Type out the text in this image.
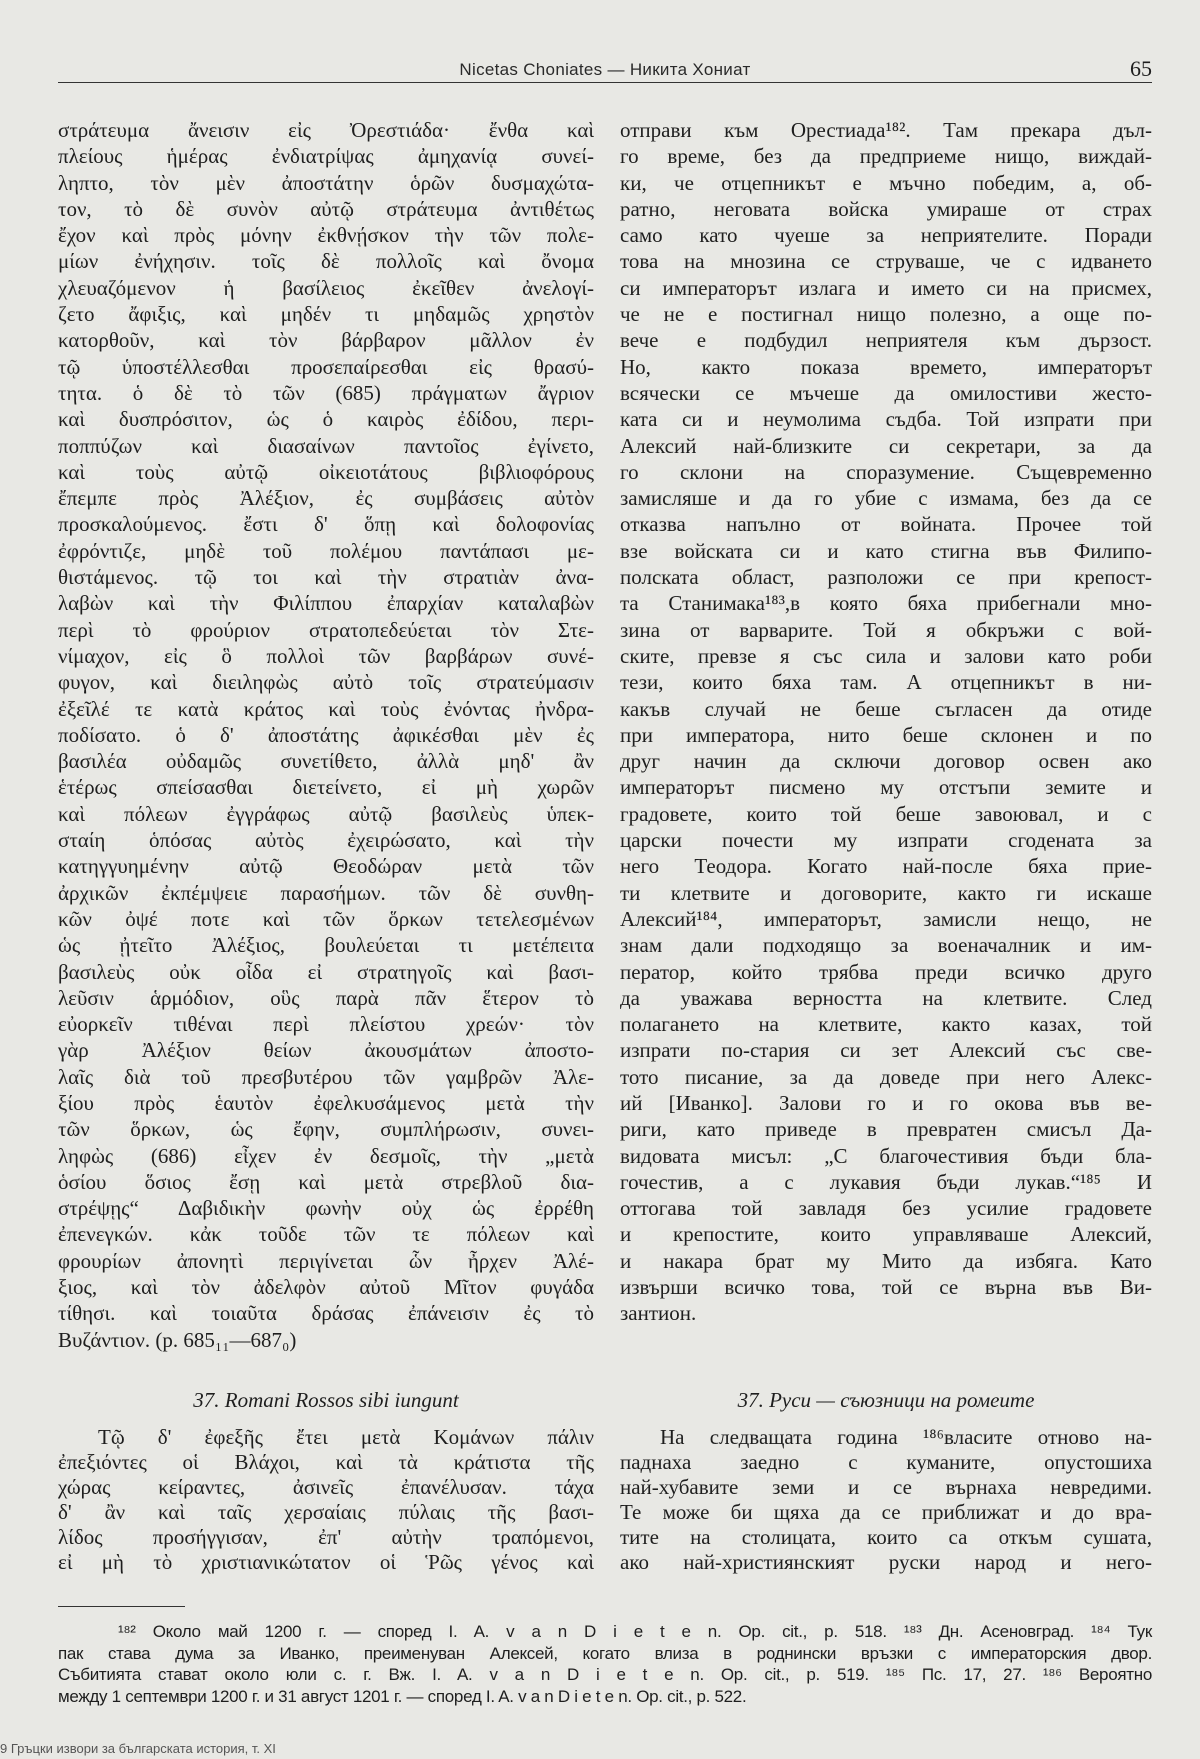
Nicetas Choniates — Никита Хониат	65
στράτευμα ἄνεισιν εἰς Ὀρεστιάδα· ἔνθα καὶ
πλείους ἡμέρας ἐνδιατρίψας ἀμηχανίᾳ συνεί-
ληπτο, τὸν μὲν ἀποστάτην ὁρῶν δυσμαχώτα-
τον, τὸ δὲ συνὸν αὐτῷ στράτευμα ἀντιθέτως
ἔχον καὶ πρὸς μόνην ἐκθνῄσκον τὴν τῶν πολε-
μίων ἐνήχησιν. τοῖς δὲ πολλοῖς καὶ ὄνομα
χλευαζόμενον ἡ βασίλειος ἐκεῖθεν ἀνελογί-
ζετο ἄφιξις, καὶ μηδέν τι μηδαμῶς χρηστὸν
κατορθοῦν, καὶ τὸν βάρβαρον μᾶλλον ἐν
τῷ ὑποστέλλεσθαι προσεπαίρεσθαι εἰς θρασύ-
τητα. ὁ δὲ τὸ τῶν (685) πράγματων ἄγριον
καὶ δυσπρόσιτον, ὡς ὁ καιρὸς ἐδίδου, περι-
ποππύζων καὶ διασαίνων παντοῖος ἐγίνετο,
καὶ τοὺς αὐτῷ οἰκειοτάτους βιβλιοφόρους
ἔπεμπε πρὸς Ἀλέξιον, ἐς συμβάσεις αὐτὸν
προσκαλούμενος. ἔστι δ' ὅπῃ καὶ δολοφονίας
ἐφρόντιζε, μηδὲ τοῦ πολέμου παντάπασι με-
θιστάμενος. τῷ τοι καὶ τὴν στρατιὰν ἀνα-
λαβὼν καὶ τὴν Φιλίππου ἐπαρχίαν καταλαβὼν
περὶ τὸ φρούριον στρατοπεδεύεται τὸν Στε-
νίμαχον, εἰς ὃ πολλοὶ τῶν βαρβάρων συνέ-
φυγον, καὶ διειληφὼς αὐτὸ τοῖς στρατεύμασιν
ἐξεῖλέ τε κατὰ κράτος καὶ τοὺς ἐνόντας ἠνδρα-
ποδίσατο. ὁ δ' ἀποστάτης ἀφικέσθαι μὲν ἐς
βασιλέα οὐδαμῶς συνετίθετο, ἀλλὰ μηδ' ἂν
ἑτέρως σπείσασθαι διετείνετο, εἰ μὴ χωρῶν
καὶ πόλεων ἐγγράφως αὐτῷ βασιλεὺς ὑπεκ-
σταίη ὁπόσας αὐτὸς ἐχειρώσατο, καὶ τὴν
κατηγγυημένην αὐτῷ Θεοδώραν μετὰ τῶν
ἀρχικῶν ἐκπέμψειε παρασήμων. τῶν δὲ συνθη-
κῶν ὀψέ ποτε καὶ τῶν ὅρκων τετελεσμένων
ὡς ᾐτεῖτο Ἀλέξιος, βουλεύεται τι μετέπειτα
βασιλεὺς οὐκ οἶδα εἰ στρατηγοῖς καὶ βασι-
λεῦσιν ἁρμόδιον, οὓς παρὰ πᾶν ἕτερον τὸ
εὐορκεῖν τιθέναι περὶ πλείστου χρεών· τὸν
γὰρ Ἀλέξιον θείων ἀκουσμάτων ἀποστο-
λαῖς διὰ τοῦ πρεσβυτέρου τῶν γαμβρῶν Ἀλε-
ξίου πρὸς ἑαυτὸν ἐφελκυσάμενος μετὰ τὴν
τῶν ὅρκων, ὡς ἔφην, συμπλήρωσιν, συνει-
ληφὼς (686) εἶχεν ἐν δεσμοῖς, τὴν „μετὰ
ὁσίου ὅσιος ἔσῃ καὶ μετὰ στρεβλοῦ δια-
στρέψῃς“ Δαβιδικὴν φωνὴν οὐχ ὡς ἐρρέθη
ἐπενεγκών. κἀκ τοῦδε τῶν τε πόλεων καὶ
φρουρίων ἀπονητὶ περιγίνεται ὧν ἦρχεν Ἀλέ-
ξιος, καὶ τὸν ἀδελφὸν αὐτοῦ Μῖτον φυγάδα
τίθησι. καὶ τοιαῦτα δράσας ἐπάνεισιν ἐς τὸ
Βυζάντιον. (p. 685₁₁—687₀)
отправи към Орестиада¹⁸². Там прекара дъл-
го време, без да предприеме нищо, виждай-
ки, че отцепникът е мъчно победим, а, об-
ратно, неговата войска умираше от страх
само като чуеше за неприятелите. Поради
това на мнозина се струваше, че с идването
си императорът излага и името си на присмех,
че не е постигнал нищо полезно, а още по-
вече е подбудил неприятеля към дързост.
Но, както показа времето, императорът
всячески се мъчеше да омилостиви жесто-
ката си и неумолима съдба. Той изпрати при
Алексий най-близките си секретари, за да
го склони на споразумение. Същевременно
замисляше и да го убие с измама, без да се
отказва напълно от войната. Прочее той
взе войската си и като стигна във Филипо-
полската област, разположи се при крепост-
та Станимака¹⁸³,в която бяха прибегнали мно-
зина от варварите. Той я обкръжи с вой-
ските, превзе я със сила и залови като роби
тези, които бяха там. А отцепникът в ни-
какъв случай не беше съгласен да отиде
при императора, нито беше склонен и по
друг начин да сключи договор освен ако
императорът писмено му отстъпи земите и
градовете, които той беше завоювал, и с
царски почести му изпрати сгодената за
него Теодора. Когато най-после бяха прие-
ти клетвите и договорите, както ги искаше
Алексий¹⁸⁴, императорът, замисли нещо, не
знам дали подходящо за военачалник и им-
ператор, който трябва преди всичко друго
да уважава верността на клетвите. След
полагането на клетвите, както казах, той
изпрати по-стария си зет Алексий със све-
тото писание, за да доведе при него Алекс-
ий [Иванко]. Залови го и го окова във ве-
риги, като приведе в превратен смисъл Да-
видовата мисъл: „С благочестивия бъди бла-
гочестив, а с лукавия бъди лукав.“¹⁸⁵ И
оттогава той завладя без усилие градовете
и крепостите, които управляваше Алексий,
и накара брат му Мито да избяга. Като
извърши всичко това, той се върна във Ви-
зантион.
37. Romani Rossos sibi iungunt	37. Руси — съюзници на ромеите
Τῷ δ' ἐφεξῆς ἔτει μετὰ Κομάνων πάλιν
ἐπεξιόντες οἱ Βλάχοι, καὶ τὰ κράτιστα τῆς
χώρας κείραντες, ἀσινεῖς ἐπανέλυσαν. τάχα
δ' ἂν καὶ ταῖς χερσαίαις πύλαις τῆς βασι-
λίδος προσήγγισαν, ἐπ' αὐτὴν τραπόμενοι,
εἰ μὴ τὸ χριστιανικώτατον οἱ Ῥῶς γένος καὶ
На следващата година ¹⁸⁶власите отново на-
паднаха заедно с куманите, опустошиха
най-хубавите земи и се върнаха невредими.
Те може би щяха да се приближат и до вра-
тите на столицата, които са откъм сушата,
ако най-християнският руски народ и него-
¹⁸² Около май 1200 г. — според I. A. v a n D i e t e n. Op. cit., p. 518. ¹⁸³ Дн. Асеновград. ¹⁸⁴ Тук
пак става дума за Иванко, преименуван Алексей, когато влиза в роднински връзки с императорския двор.
Събитията стават около юли с. г. Вж. I. A. v a n D i e t e n. Op. cit., p. 519. ¹⁸⁵ Пс. 17, 27. ¹⁸⁶ Вероятно
между 1 септември 1200 г. и 31 август 1201 г. — според I. A. v a n D i e t e n. Op. cit., p. 522.
9 Гръцки извори за българската история, т. XI
